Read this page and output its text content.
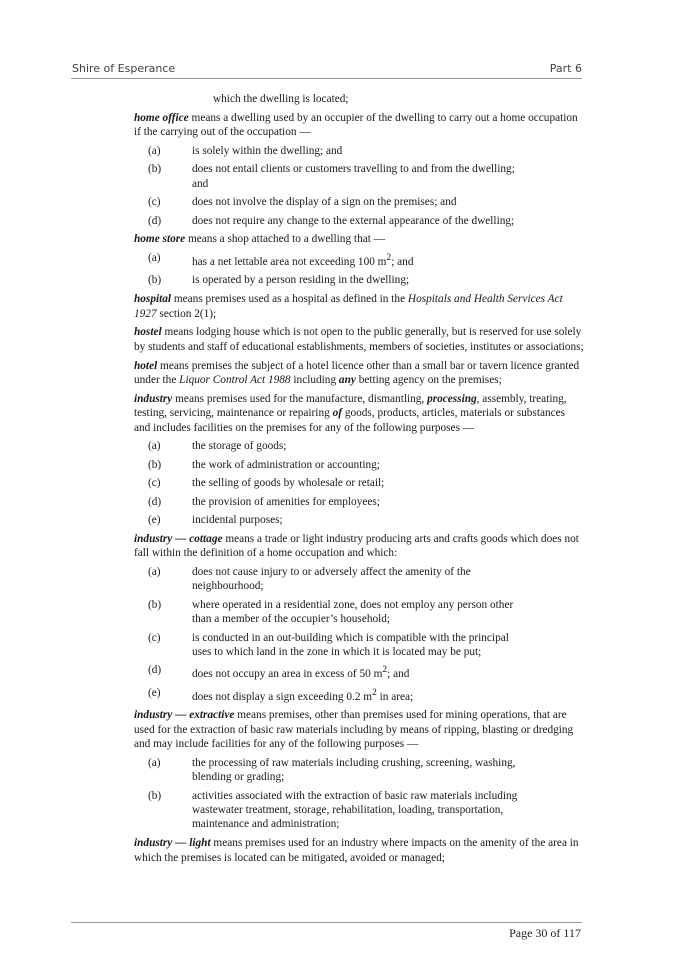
Shire of Esperance	Part 6

which the dwelling is located;

home office means a dwelling used by an occupier of the dwelling to carry out a home occupation if the carrying out of the occupation —

(a)	is solely within the dwelling; and
(b)	does not entail clients or customers travelling to and from the dwelling;
and
(c)	does not involve the display of a sign on the premises; and
(d)	does not require any change to the external appearance of the dwelling;

home store means a shop attached to a dwelling that —

(a)	has a net lettable area not exceeding 100 $m^2$; and
(b)	is operated by a person residing in the dwelling;

hospital means premises used as a hospital as defined in the Hospitals and Health Services Act 1927 section 2(1);

hostel means lodging house which is not open to the public generally, but is reserved for use solely by students and staff of educational establishments, members of societies, institutes or associations;

hotel means premises the subject of a hotel licence other than a small bar or tavern licence granted under the Liquor Control Act 1988 including any betting agency on the premises;

industry means premises used for the manufacture, dismantling, processing, assembly, treating, testing, servicing, maintenance or repairing of goods, products, articles, materials or substances and includes facilities on the premises for any of the following purposes —

(a)	the storage of goods;
(b)	the work of administration or accounting;
(c)	the selling of goods by wholesale or retail;
(d)	the provision of amenities for employees;
(e)	incidental purposes;

industry — cottage means a trade or light industry producing arts and crafts goods which does not fall within the definition of a home occupation and which:

(a)	does not cause injury to or adversely affect the amenity of the
neighbourhood;
(b)	where operated in a residential zone, does not employ any person other
than a member of the occupier’s household;
(c)	is conducted in an out-building which is compatible with the principal
uses to which land in the zone in which it is located may be put;
(d)	does not occupy an area in excess of 50 $m^2$; and
(e)	does not display a sign exceeding 0.2 $m^2$ in area;

industry — extractive means premises, other than premises used for mining operations, that are used for the extraction of basic raw materials including by means of ripping, blasting or dredging and may include facilities for any of the following purposes —

(a)	the processing of raw materials including crushing, screening, washing,
blending or grading;
(b)	activities associated with the extraction of basic raw materials including
wastewater treatment, storage, rehabilitation, loading, transportation,
maintenance and administration;

industry — light means premises used for an industry where impacts on the amenity of the area in which the premises is located can be mitigated, avoided or managed;

Page 30 of 117
